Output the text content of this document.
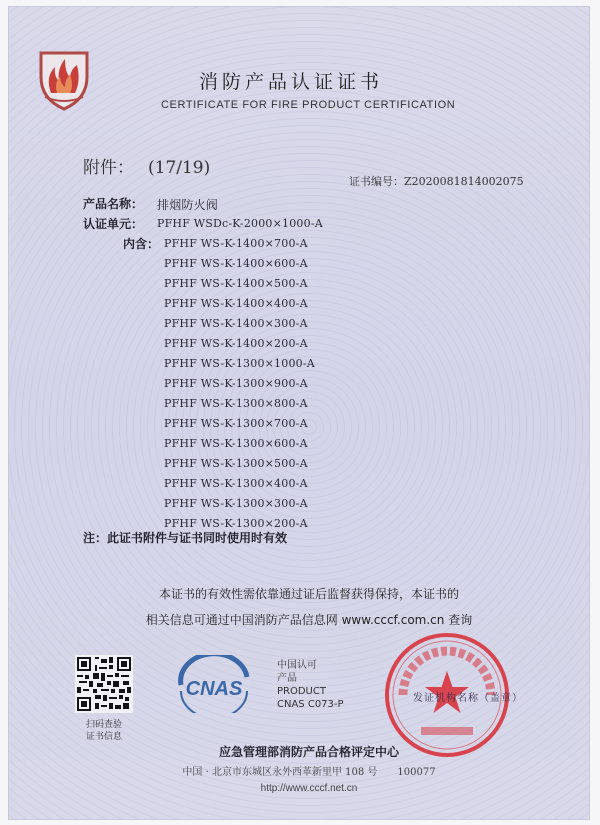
消防产品认证证书
CERTIFICATE FOR FIRE PRODUCT CERTIFICATION
附件： (17/19)
证书编号：Z2020081814002075
产品名称： 排烟防火阀
认证单元： PFHF WSDc-K-2000×1000-A
内含： PFHF WS-K-1400×700-A
PFHF WS-K-1400×600-A
PFHF WS-K-1400×500-A
PFHF WS-K-1400×400-A
PFHF WS-K-1400×300-A
PFHF WS-K-1400×200-A
PFHF WS-K-1300×1000-A
PFHF WS-K-1300×900-A
PFHF WS-K-1300×800-A
PFHF WS-K-1300×700-A
PFHF WS-K-1300×600-A
PFHF WS-K-1300×500-A
PFHF WS-K-1300×400-A
PFHF WS-K-1300×300-A
PFHF WS-K-1300×200-A
注：此证书附件与证书同时使用时有效
本证书的有效性需依靠通过证后监督获得保持，本证书的
相关信息可通过中国消防产品信息网 www.cccf.com.cn 查询
扫码查验
证书信息
CNAS
中国认可
产品
PRODUCT
CNAS C073-P
发证机构名称（盖章）
应急管理部消防产品合格评定中心
中国 · 北京市东城区永外西革新里甲 108 号　　100077
http://www.cccf.net.cn
